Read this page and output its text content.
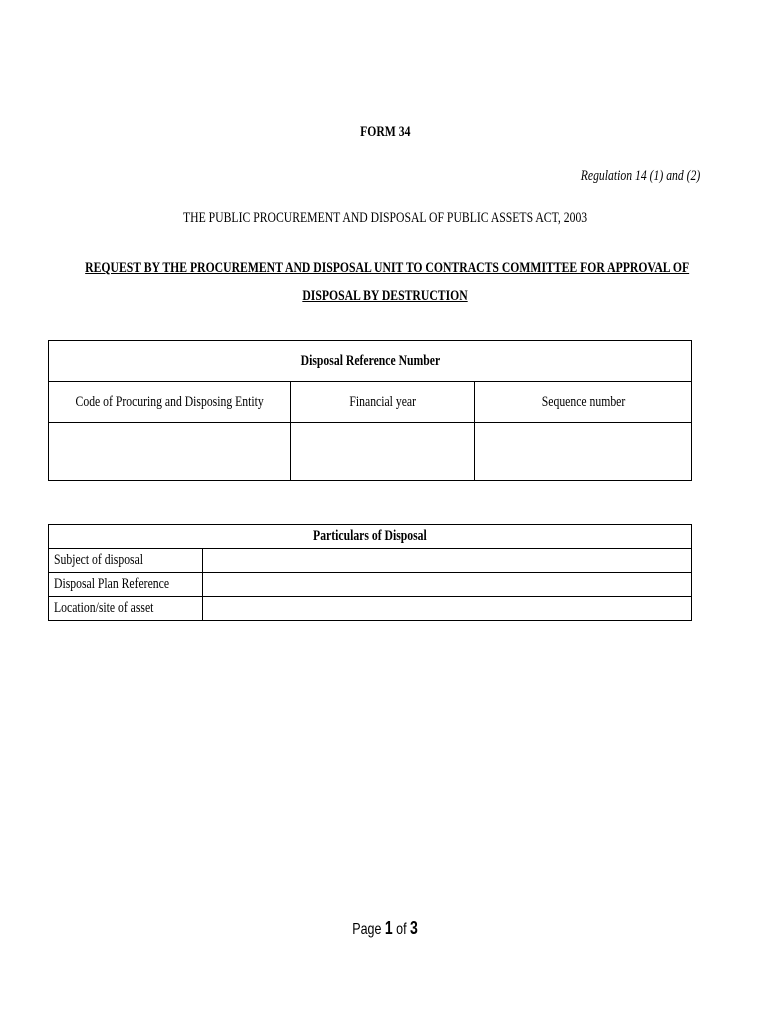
FORM 34
Regulation 14 (1) and (2)
THE PUBLIC PROCUREMENT AND DISPOSAL OF PUBLIC ASSETS ACT, 2003
REQUEST BY THE PROCUREMENT AND DISPOSAL UNIT TO CONTRACTS COMMITTEE FOR APPROVAL OF
DISPOSAL BY DESTRUCTION
Disposal Reference Number		
Code of Procuring and Disposing Entity	Financial year	Sequence number

Particulars of Disposal	
Subject of disposal	
Disposal Plan Reference	
Location/site of asset	
Page 1 of 3
